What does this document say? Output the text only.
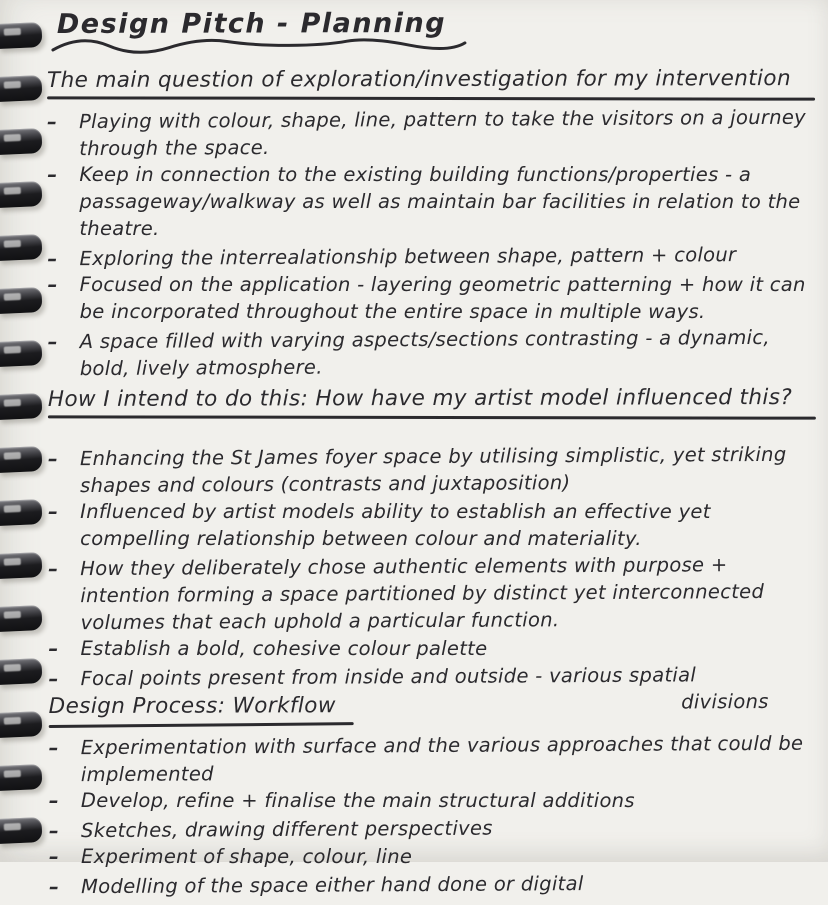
Design Pitch - Planning
The main question of exploration/investigation for my intervention
– Playing with colour, shape, line, pattern to take the visitors on a journey through the space.
– Keep in connection to the existing building functions/properties - a passageway/walkway as well as maintain bar facilities in relation to the theatre.
– Exploring the interrealationship between shape, pattern + colour
– Focused on the application - layering geometric patterning + how it can be incorporated throughout the entire space in multiple ways.
– A space filled with varying aspects/sections contrasting - a dynamic, bold, lively atmosphere.
How I intend to do this: How have my artist model influenced this?
– Enhancing the St James foyer space by utilising simplistic, yet striking shapes and colours (contrasts and juxtaposition)
– Influenced by artist models ability to establish an effective yet compelling relationship between colour and materiality.
– How they deliberately chose authentic elements with purpose + intention forming a space partitioned by distinct yet interconnected volumes that each uphold a particular function.
– Establish a bold, cohesive colour palette
– Focal points present from inside and outside - various spatial divisions
Design Process: Workflow
– Experimentation with surface and the various approaches that could be implemented
– Develop, refine + finalise the main structural additions
– Sketches, drawing different perspectives
– Experiment of shape, colour, line
– Modelling of the space either hand done or digital
